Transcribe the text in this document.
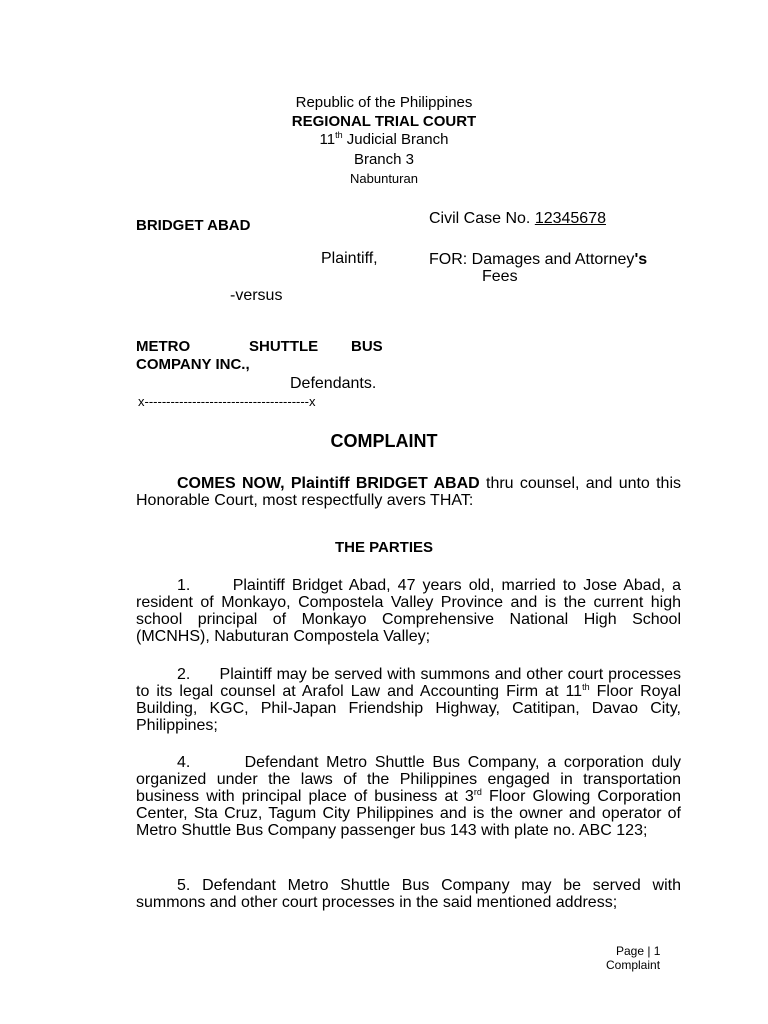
Republic of the Philippines
REGIONAL TRIAL COURT
11th Judicial Branch
Branch 3
Nabunturan
BRIDGET ABAD	Civil Case No. 12345678
Plaintiff,	FOR: Damages and Attorney's
Fees
-versus
METRO	SHUTTLE BUS
COMPANY INC.,
Defendants.
x--------------------------------------x
COMPLAINT
COMES NOW, Plaintiff BRIDGET ABAD thru counsel, and unto this Honorable Court, most respectfully avers THAT:
THE PARTIES
1.      Plaintiff Bridget Abad, 47 years old, married to Jose Abad, a resident of Monkayo, Compostela Valley Province and is the current high school principal of Monkayo Comprehensive National High School (MCNHS), Nabuturan Compostela Valley;
2.      Plaintiff may be served with summons and other court processes to its legal counsel at Arafol Law and Accounting Firm at 11th Floor Royal Building, KGC, Phil-Japan Friendship Highway, Catitipan, Davao City, Philippines;
4.       Defendant Metro Shuttle Bus Company, a corporation duly organized under the laws of the Philippines engaged in transportation business with principal place of business at 3rd Floor Glowing Corporation Center, Sta Cruz, Tagum City Philippines and is the owner and operator of Metro Shuttle Bus Company passenger bus 143 with plate no. ABC 123;
5. Defendant Metro Shuttle Bus Company may be served with summons and other court processes in the said mentioned address;
Page | 1
Complaint
